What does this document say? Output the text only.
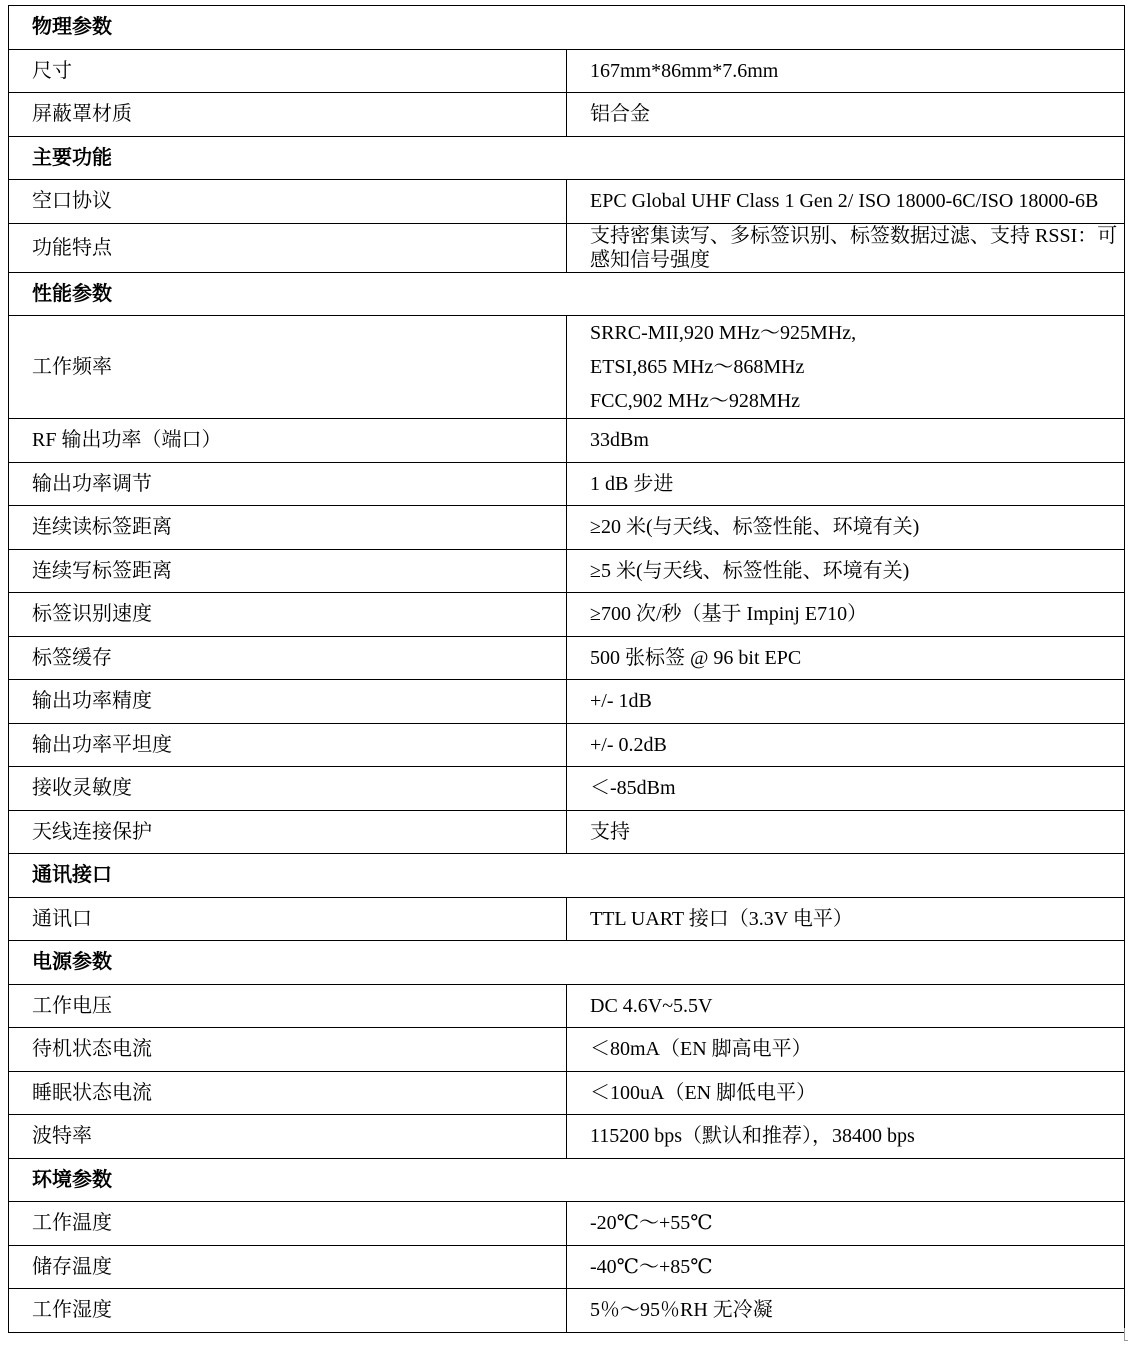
物理参数	
尺寸	167mm*86mm*7.6mm
屏蔽罩材质	铝合金
主要功能	
空口协议	EPC Global UHF Class 1 Gen 2/ ISO 18000-6C/ISO 18000-6B
功能特点	支持密集读写、多标签识别、标签数据过滤、支持 RSSI：可感知信号强度
性能参数	
工作频率	SRRC-MII,920 MHz～925MHz,
ETSI,865 MHz～868MHz
FCC,902 MHz～928MHz

RF 输出功率（端口）	33dBm
输出功率调节	1 dB 步进
连续读标签距离	≥20 米(与天线、标签性能、环境有关)
连续写标签距离	≥5 米(与天线、标签性能、环境有关)
标签识别速度	≥700 次/秒（基于 Impinj E710）
标签缓存	500 张标签 @ 96 bit EPC
输出功率精度	+/- 1dB
输出功率平坦度	+/- 0.2dB
接收灵敏度	＜-85dBm
天线连接保护	支持
通讯接口	
通讯口	TTL UART 接口（3.3V 电平）
电源参数	
工作电压	DC 4.6V~5.5V
待机状态电流	＜80mA（EN 脚高电平）
睡眠状态电流	＜100uA（EN 脚低电平）
波特率	115200 bps（默认和推荐），38400 bps
环境参数	
工作温度	-20℃～+55℃
储存温度	-40℃～+85℃
工作湿度	5％～95％RH 无冷凝
